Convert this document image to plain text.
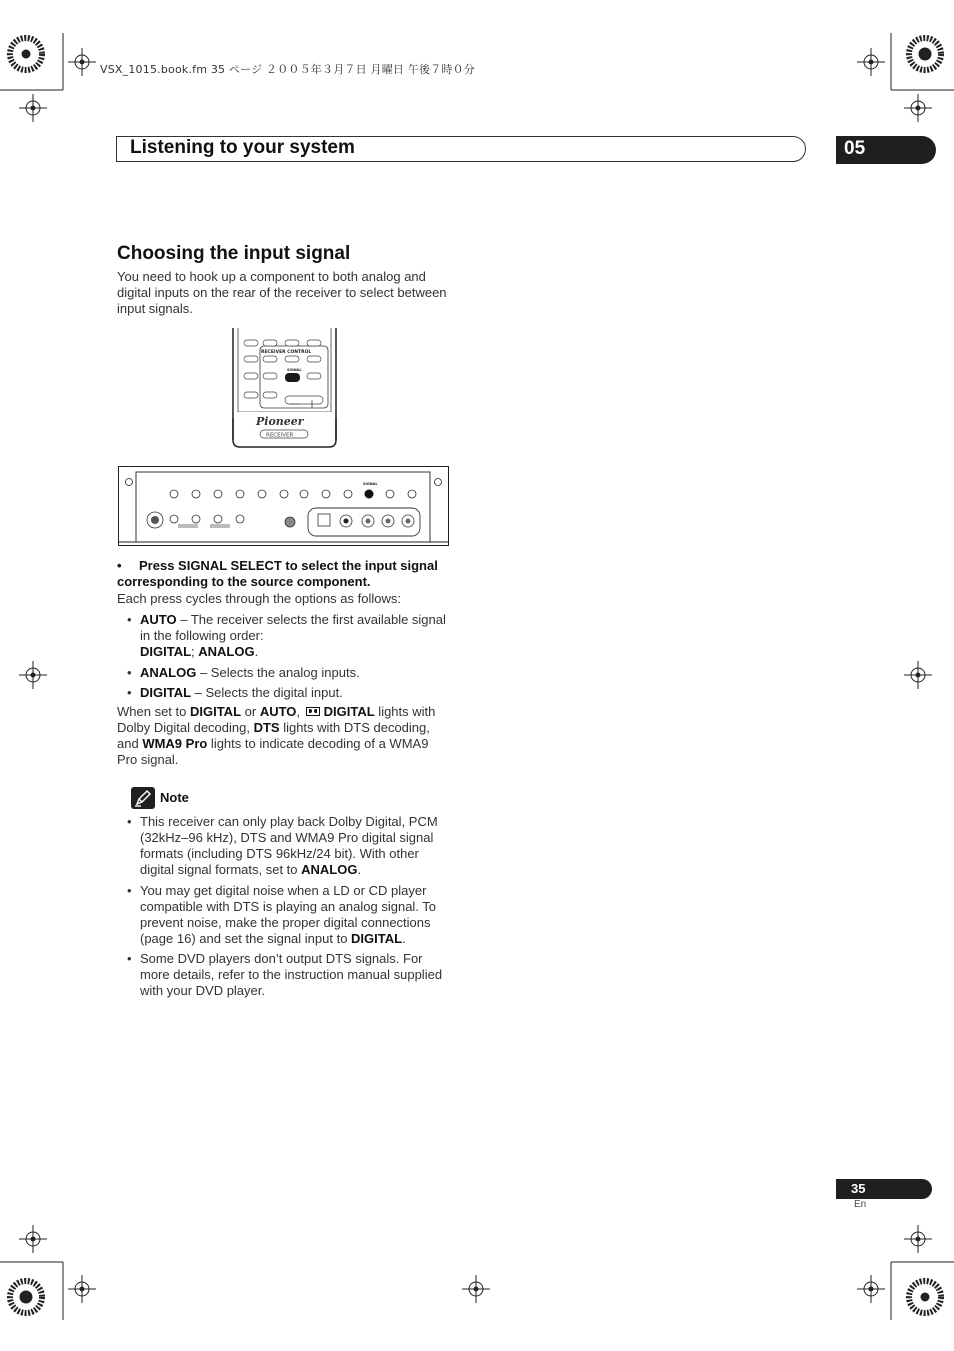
VSX_1015.book.fm 35 ページ ２００５年３月７日 月曜日 午後７時０分
Listening to your system	05
Choosing the input signal
You need to hook up a component to both analog and digital inputs on the rear of the receiver to select between input signals.
RECEIVER CONTROL
SIGNAL
Pioneer
RECEIVER
SIGNAL
• Press SIGNAL SELECT to select the input signal corresponding to the source component.
Each press cycles through the options as follows:
• AUTO – The receiver selects the first available signal in the following order:
DIGITAL; ANALOG.
• ANALOG – Selects the analog inputs.
• DIGITAL – Selects the digital input.
When set to DIGITAL or AUTO, DIGITAL lights with Dolby Digital decoding, DTS lights with DTS decoding, and WMA9 Pro lights to indicate decoding of a WMA9 Pro signal.
Note
• This receiver can only play back Dolby Digital, PCM (32kHz–96 kHz), DTS and WMA9 Pro digital signal formats (including DTS 96kHz/24 bit). With other digital signal formats, set to ANALOG.
• You may get digital noise when a LD or CD player compatible with DTS is playing an analog signal. To prevent noise, make the proper digital connections (page 16) and set the signal input to DIGITAL.
• Some DVD players don’t output DTS signals. For more details, refer to the instruction manual supplied with your DVD player.
35
En
